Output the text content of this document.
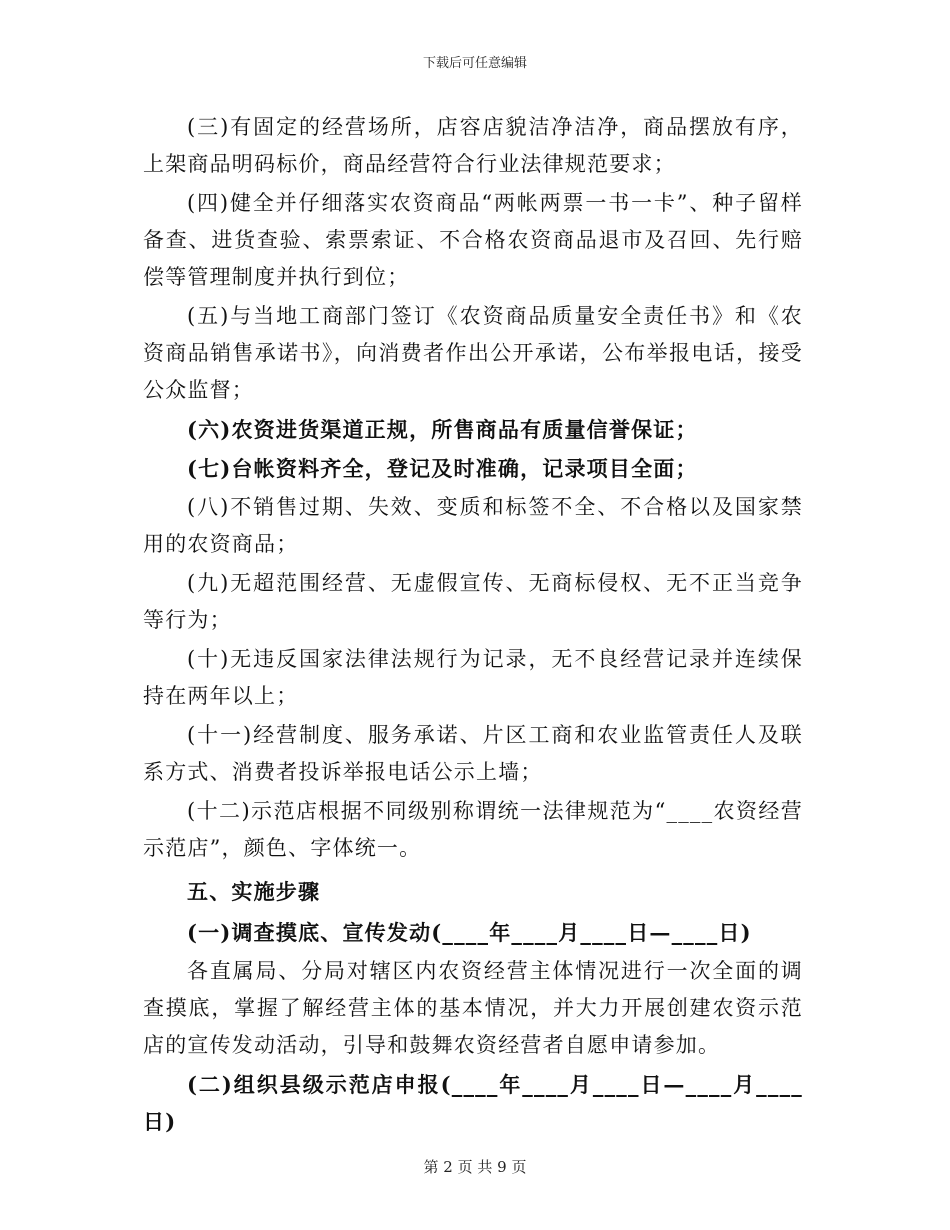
下载后可任意编辑

(三)有固定的经营场所，店容店貌洁净洁净，商品摆放有序，上架商品明码标价，商品经营符合行业法律规范要求；

(四)健全并仔细落实农资商品“两帐两票一书一卡”、种子留样备查、进货查验、索票索证、不合格农资商品退市及召回、先行赔偿等管理制度并执行到位；

(五)与当地工商部门签订《农资商品质量安全责任书》和《农资商品销售承诺书》，向消费者作出公开承诺，公布举报电话，接受公众监督；

(六)农资进货渠道正规，所售商品有质量信誉保证；

(七)台帐资料齐全，登记及时准确，记录项目全面；

(八)不销售过期、失效、变质和标签不全、不合格以及国家禁用的农资商品；

(九)无超范围经营、无虚假宣传、无商标侵权、无不正当竞争等行为；

(十)无违反国家法律法规行为记录，无不良经营记录并连续保持在两年以上；

(十一)经营制度、服务承诺、片区工商和农业监管责任人及联系方式、消费者投诉举报电话公示上墙；

(十二)示范店根据不同级别称谓统一法律规范为“____农资经营示范店”，颜色、字体统一。

五、实施步骤

(一)调查摸底、宣传发动(____年____月____日—____日)

各直属局、分局对辖区内农资经营主体情况进行一次全面的调查摸底，掌握了解经营主体的基本情况，并大力开展创建农资示范店的宣传发动活动，引导和鼓舞农资经营者自愿申请参加。

(二)组织县级示范店申报(____年____月____日—____月____日)

第 2 页 共 9 页
